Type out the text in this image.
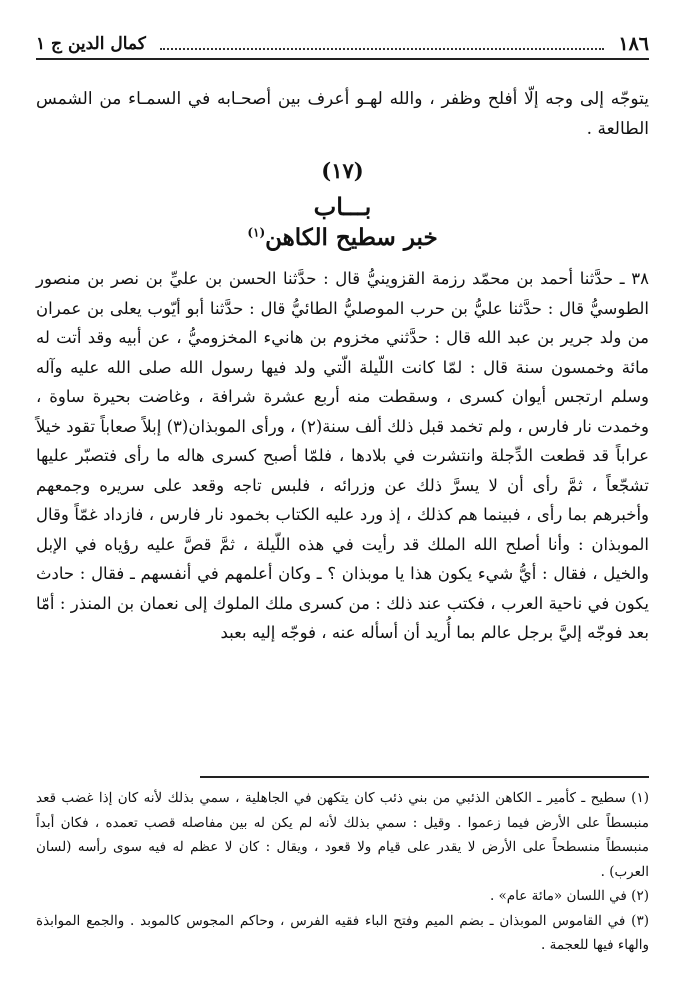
١٨٦
كمال الدين ج ١
يتوجّه إلى وجه إلّا أفلح وظفر ، والله لهـو أعرف بين أصحـابه في السمـاء من الشمس الطالعة .
(١٧)
بـــاب
خبر سطيح الكاهن$^{(١)}$

٣٨ ـ حدَّثنا أحمد بن محمّد رزمة القزوينيُّ قال : حدَّثنا الحسن بن عليِّ بن نصر بن منصور الطوسيُّ قال : حدَّثنا عليُّ بن حرب الموصليُّ الطائيُّ قال : حدَّثنا أبو أيّوب يعلى بن عمران من ولد جرير بن عبد الله قال : حدَّثني مخزوم بن هانيء المخزوميُّ ، عن أبيه وقد أتت له مائة وخمسون سنة قال : لمّا كانت اللّيلة الّتي ولد فيها رسول الله صلى الله عليه وآله وسلم ارتجس أيوان كسرى ، وسقطت منه أربع عشرة شرافة ، وغاضت بحيرة ساوة ، وخمدت نار فارس ، ولم تخمد قبل ذلك ألف سنة(٢) ، ورأى الموبذان(٣) إبلاً صعاباً تقود خيلاً عراباً قد قطعت الدِّجلة وانتشرت في بلادها ، فلمّا أصبح كسرى هاله ما رأى فتصبّر عليها تشجّعاً ، ثمَّ رأى أن لا يسرَّ ذلك عن وزرائه ، فلبس تاجه وقعد على سريره وجمعهم وأخبرهم بما رأى ، فبينما هم كذلك ، إذ ورد عليه الكتاب بخمود نار فارس ، فازداد غمّاً وقال الموبذان : وأنا أصلح الله الملك قد رأيت في هذه اللّيلة ، ثمَّ قصَّ عليه رؤياه في الإبل والخيل ، فقال : أيُّ شيء يكون هذا يا موبذان ؟ ـ وكان أعلمهم في أنفسهم ـ فقال : حادث يكون في ناحية العرب ، فكتب عند ذلك : من كسرى ملك الملوك إلى نعمان بن المنذر : أمّا بعد فوجّه إليَّ برجل عالم بما أُريد أن أسأله عنه ، فوجّه إليه بعبد

(١) سطيح ـ كأمير ـ الكاهن الذئبي من بني ذئب كان يتكهن في الجاهلية ، سمي بذلك لأنه كان إذا غضب قعد منبسطاً على الأرض فيما زعموا . وقيل : سمي بذلك لأنه لم يكن له بين مفاصله قصب تعمده ، فكان أبداً منبسطاً منسطحاً على الأرض لا يقدر على قيام ولا قعود ، ويقال : كان لا عظم له فيه سوى رأسه (لسان العرب) .

(٢) في اللسان «مائة عام» .

(٣) في القاموس الموبذان ـ بضم الميم وفتح الباء فقيه الفرس ، وحاكم المجوس كالموبد . والجمع الموابذة والهاء فيها للعجمة .
